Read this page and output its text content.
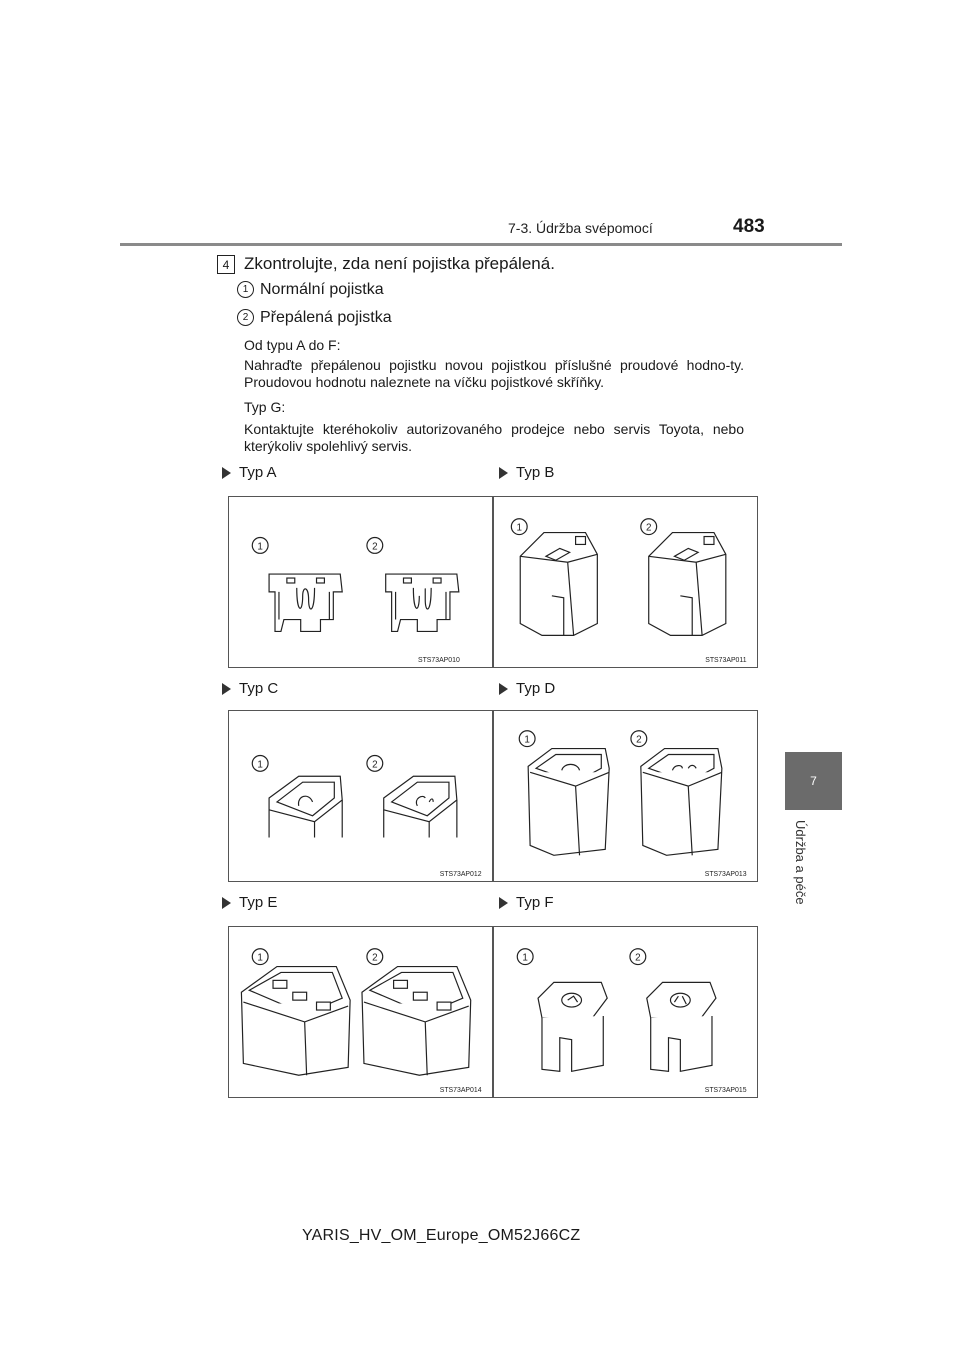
7-3. Údržba svépomocí	483
7
Údržba a péče
4 Zkontrolujte, zda není pojistka přepálená.
1 Normální pojistka
2 Přepálená pojistka
Od typu A do F:
Nahraďte přepálenou pojistku novou pojistkou příslušné proudové hodno-ty. Proudovou hodnotu naleznete na víčku pojistkové skříňky.
Typ G:
Kontaktujte kteréhokoliv autorizovaného prodejce nebo servis Toyota, nebo kterýkoliv spolehlivý servis.
Typ A	Typ B
Typ C	Typ D
Typ E	Typ F
1	2
STS73AP010
1	2
STS73AP011
1	2
STS73AP012
1	2
STS73AP013
1	2
STS73AP014
1	2
STS73AP015
YARIS_HV_OM_Europe_OM52J66CZ
